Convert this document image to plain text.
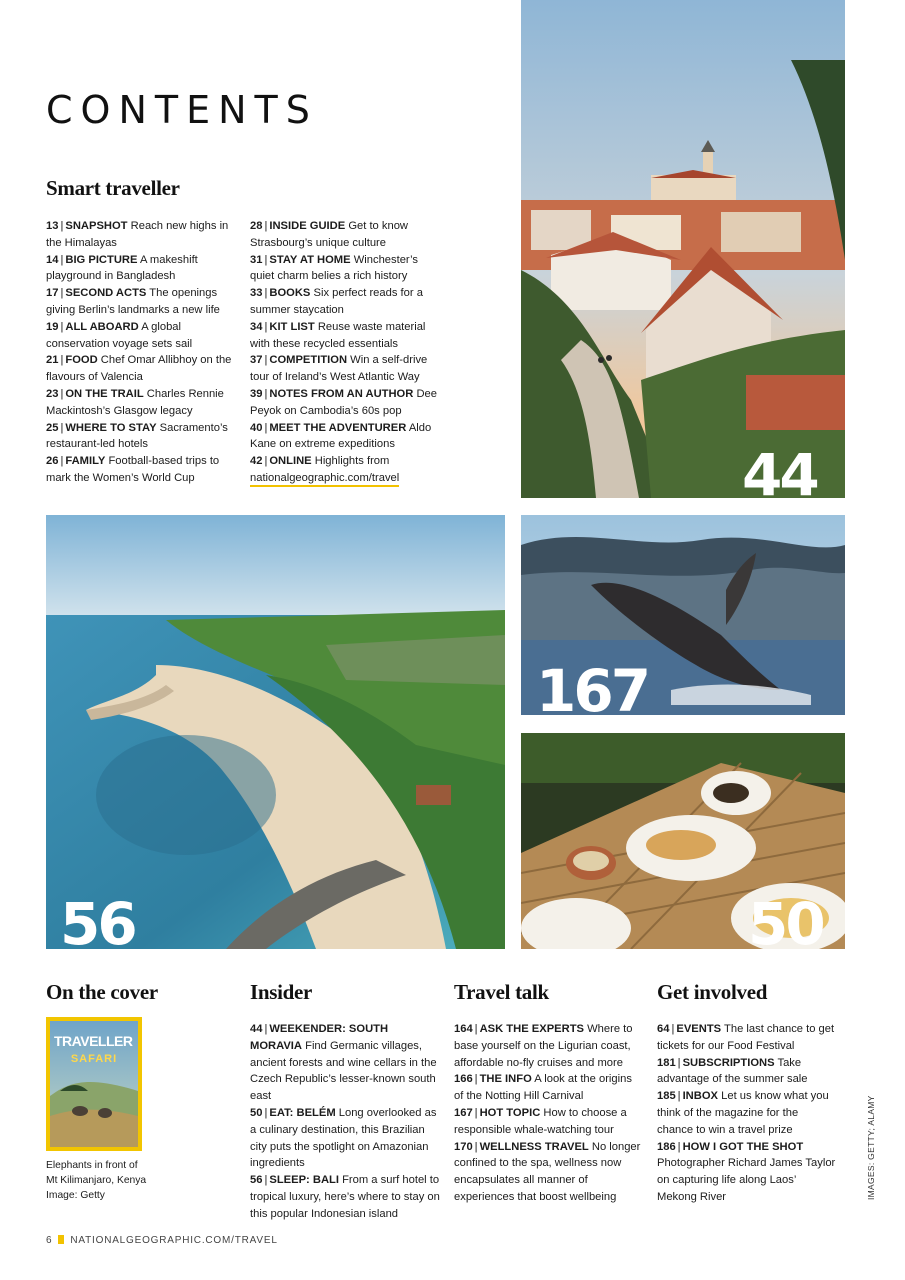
CONTENTS
Smart traveller
13 | SNAPSHOT Reach new highs in the Himalayas
14 | BIG PICTURE A makeshift playground in Bangladesh
17 | SECOND ACTS The openings giving Berlin’s landmarks a new life
19 | ALL ABOARD A global conservation voyage sets sail
21 | FOOD Chef Omar Allibhoy on the flavours of Valencia
23 | ON THE TRAIL Charles Rennie Mackintosh’s Glasgow legacy
25 | WHERE TO STAY Sacramento’s restaurant-led hotels
26 | FAMILY Football-based trips to mark the Women’s World Cup
28 | INSIDE GUIDE Get to know Strasbourg’s unique culture
31 | STAY AT HOME Winchester’s quiet charm belies a rich history
33 | BOOKS Six perfect reads for a summer staycation
34 | KIT LIST Reuse waste material with these recycled essentials
37 | COMPETITION Win a self-drive tour of Ireland’s West Atlantic Way
39 | NOTES FROM AN AUTHOR Dee Peyok on Cambodia’s 60s pop
40 | MEET THE ADVENTURER Aldo Kane on extreme expeditions
42 | ONLINE Highlights from
nationalgeographic.com/travel	44
56
167
50
On the cover	Insider	Travel talk	Get involved
TRAVELLER
SAFARI
Elephants in front of
Mt Kilimanjaro, Kenya
Image: Getty
44 | WEEKENDER: SOUTH MORAVIA Find Germanic villages, ancient forests and wine cellars in the Czech Republic’s lesser-known south east
50 | EAT: BELÉM Long overlooked as a culinary destination, this Brazilian city puts the spotlight on Amazonian ingredients
56 | SLEEP: BALI From a surf hotel to tropical luxury, here’s where to stay on this popular Indonesian island
164 | ASK THE EXPERTS Where to base yourself on the Ligurian coast, affordable no-fly cruises and more
166 | THE INFO A look at the origins of the Notting Hill Carnival
167 | HOT TOPIC How to choose a responsible whale-watching tour
170 | WELLNESS TRAVEL No longer confined to the spa, wellness now encapsulates all manner of experiences that boost wellbeing
64 | EVENTS The last chance to get tickets for our Food Festival
181 | SUBSCRIPTIONS Take advantage of the summer sale
185 | INBOX Let us know what you think of the magazine for the chance to win a travel prize
186 | HOW I GOT THE SHOT Photographer Richard James Taylor on capturing life along Laos’ Mekong River	IMAGES: GETTY; ALAMY
6 NATIONALGEOGRAPHIC.COM/TRAVEL
